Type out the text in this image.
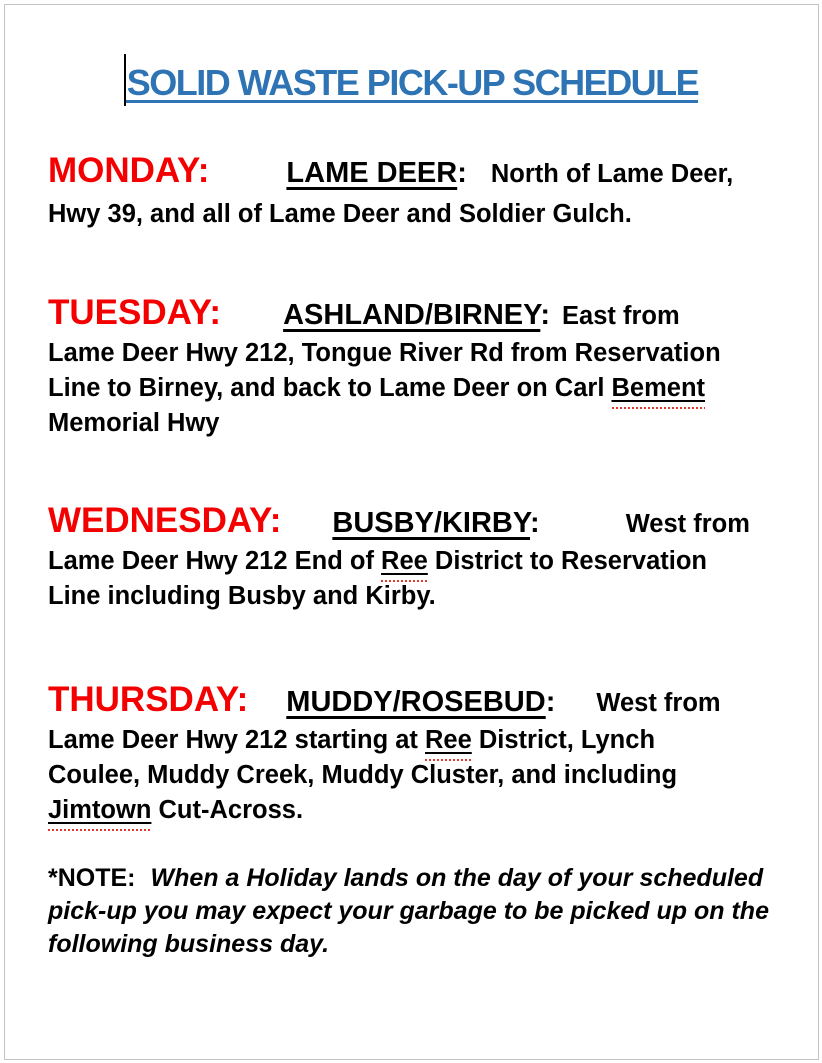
SOLID WASTE PICK-UP SCHEDULE
MONDAY:	LAME DEER: North of Lame Deer,
Hwy 39, and all of Lame Deer and Soldier Gulch.
TUESDAY: ASHLAND/BIRNEY: East from
Lame Deer Hwy 212, Tongue River Rd from Reservation
Line to Birney, and back to Lame Deer on Carl Bement
Memorial Hwy
WEDNESDAY: BUSBY/KIRBY:	West from
Lame Deer Hwy 212 End of Ree District to Reservation
Line including Busby and Kirby.
THURSDAY: MUDDY/ROSEBUD: West from
Lame Deer Hwy 212 starting at Ree District, Lynch
Coulee, Muddy Creek, Muddy Cluster, and including
Jimtown Cut-Across.
*NOTE: When a Holiday lands on the day of your scheduled
pick-up you may expect your garbage to be picked up on the
following business day.
